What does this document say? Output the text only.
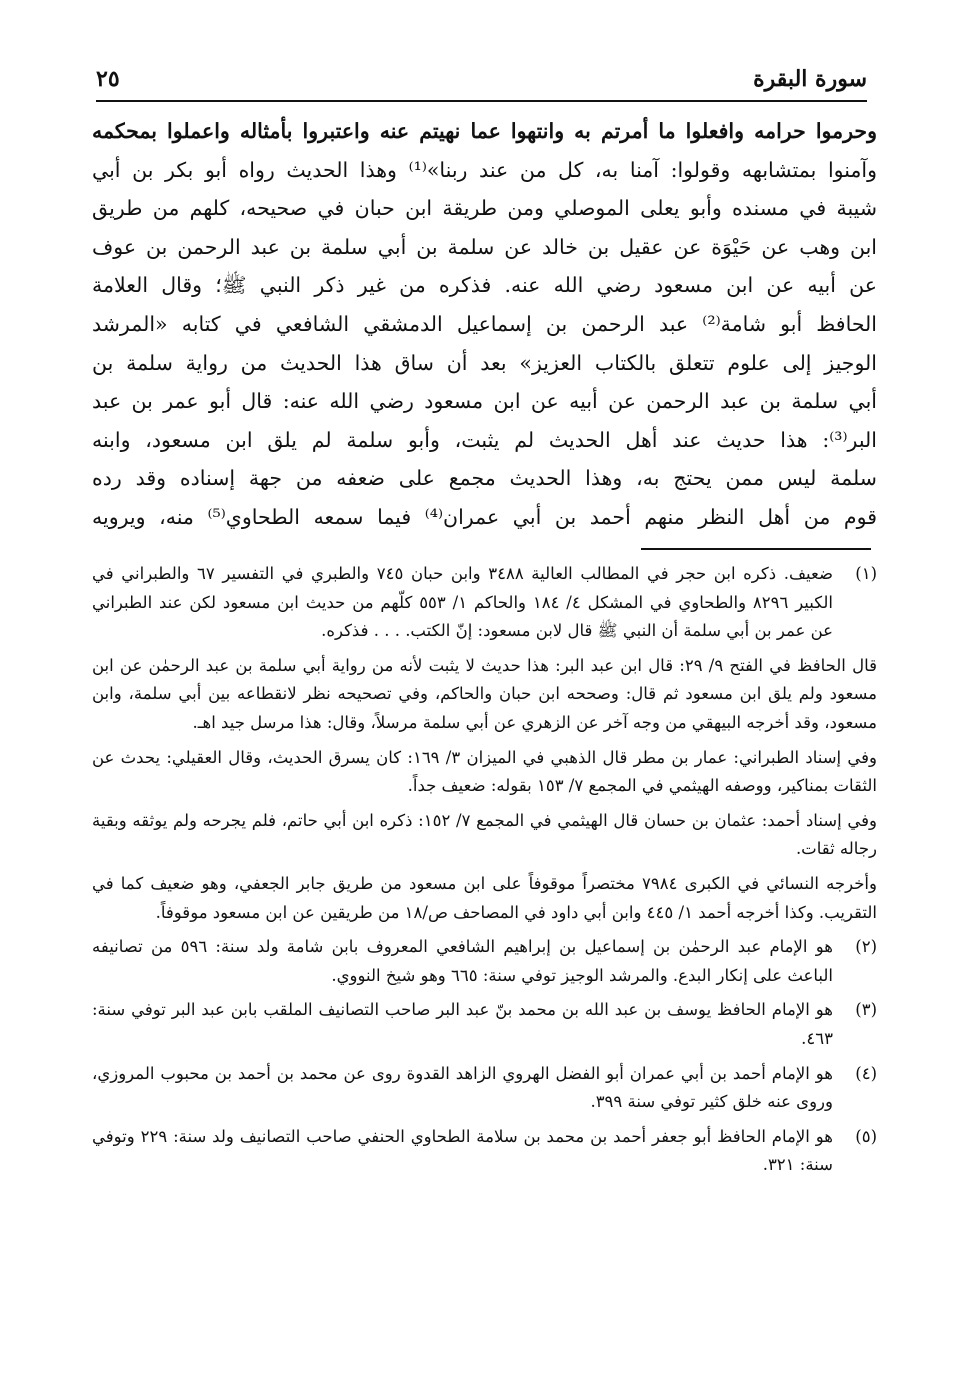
سورة البقرة
٢٥
وحرموا حرامه وافعلوا ما أمرتم به وانتهوا عما نهيتم عنه واعتبروا بأمثاله واعملوا بمحكمه
وآمنوا بمتشابهه وقولوا: آمنا به، كل من عند ربنا»⁽¹⁾ وهذا الحديث رواه أبو بكر بن أبي
شيبة في مسنده وأبو يعلى الموصلي ومن طريقة ابن حبان في صحيحه، كلهم من طريق
ابن وهب عن حَيْوَة عن عقيل بن خالد عن سلمة بن أبي سلمة بن عبد الرحمن بن عوف
عن أبيه عن ابن مسعود رضي الله عنه. فذكره من غير ذكر النبي ﷺ؛ وقال العلامة
الحافظ أبو شامة⁽²⁾ عبد الرحمن بن إسماعيل الدمشقي الشافعي في كتابه «المرشد
الوجيز إلى علوم تتعلق بالكتاب العزيز» بعد أن ساق هذا الحديث من رواية سلمة بن
أبي سلمة بن عبد الرحمن عن أبيه عن ابن مسعود رضي الله عنه: قال أبو عمر بن عبد
البر⁽³⁾: هذا حديث عند أهل الحديث لم يثبت، وأبو سلمة لم يلق ابن مسعود، وابنه
سلمة ليس ممن يحتج به، وهذا الحديث مجمع على ضعفه من جهة إسناده وقد رده
قوم من أهل النظر منهم أحمد بن أبي عمران⁽⁴⁾ فيما سمعه الطحاوي⁽⁵⁾ منه، ويرويه
(١)
ضعيف. ذكره ابن حجر في المطالب العالية ٣٤٨٨ وابن حبان ٧٤٥ والطبري في التفسير ٦٧ والطبراني في الكبير ٨٢٩٦ والطحاوي في المشكل ٤/ ١٨٤ والحاكم ١/ ٥٥٣ كلّهم من حديث ابن مسعود لكن عند الطبراني عن عمر بن أبي سلمة أن النبي ﷺ قال لابن مسعود: إنّ الكتب. . . . فذكره.
قال الحافظ في الفتح ٩/ ٢٩: قال ابن عبد البر: هذا حديث لا يثبت لأنه من رواية أبي سلمة بن عبد الرحمٰن عن ابن مسعود ولم يلق ابن مسعود ثم قال: وصححه ابن حبان والحاكم، وفي تصحيحه نظر لانقطاعه بين أبي سلمة، وابن مسعود، وقد أخرجه البيهقي من وجه آخر عن الزهري عن أبي سلمة مرسلاً، وقال: هذا مرسل جيد اهـ.
وفي إسناد الطبراني: عمار بن مطر قال الذهبي في الميزان ٣/ ١٦٩: كان يسرق الحديث، وقال العقيلي: يحدث عن الثقات بمناكير، ووصفه الهيثمي في المجمع ٧/ ١٥٣ بقوله: ضعيف جداً.
وفي إسناد أحمد: عثمان بن حسان قال الهيثمي في المجمع ٧/ ١٥٢: ذكره ابن أبي حاتم، فلم يجرحه ولم يوثقه وبقية رجاله ثقات.
وأخرجه النسائي في الكبرى ٧٩٨٤ مختصراً موقوفاً على ابن مسعود من طريق جابر الجعفي، وهو ضعيف كما في التقريب. وكذا أخرجه أحمد ١/ ٤٤٥ وابن أبي داود في المصاحف ص/١٨ من طريقين عن ابن مسعود موقوفاً.
(٢)
هو الإمام عبد الرحمٰن بن إسماعيل بن إبراهيم الشافعي المعروف بابن شامة ولد سنة: ٥٩٦ من تصانيفه الباعث على إنكار البدع. والمرشد الوجيز توفي سنة: ٦٦٥ وهو شيخ النووي.
(٣)
هو الإمام الحافظ يوسف بن عبد الله بن محمد بنّ عبد البر صاحب التصانيف الملقب بابن عبد البر توفي سنة: ٤٦٣.
(٤)
هو الإمام أحمد بن أبي عمران أبو الفضل الهروي الزاهد القدوة روى عن محمد بن أحمد بن محبوب المروزي، وروى عنه خلق كثير توفي سنة ٣٩٩.
(٥)
هو الإمام الحافظ أبو جعفر أحمد بن محمد بن سلامة الطحاوي الحنفي صاحب التصانيف ولد سنة: ٢٢٩ وتوفي سنة: ٣٢١.
